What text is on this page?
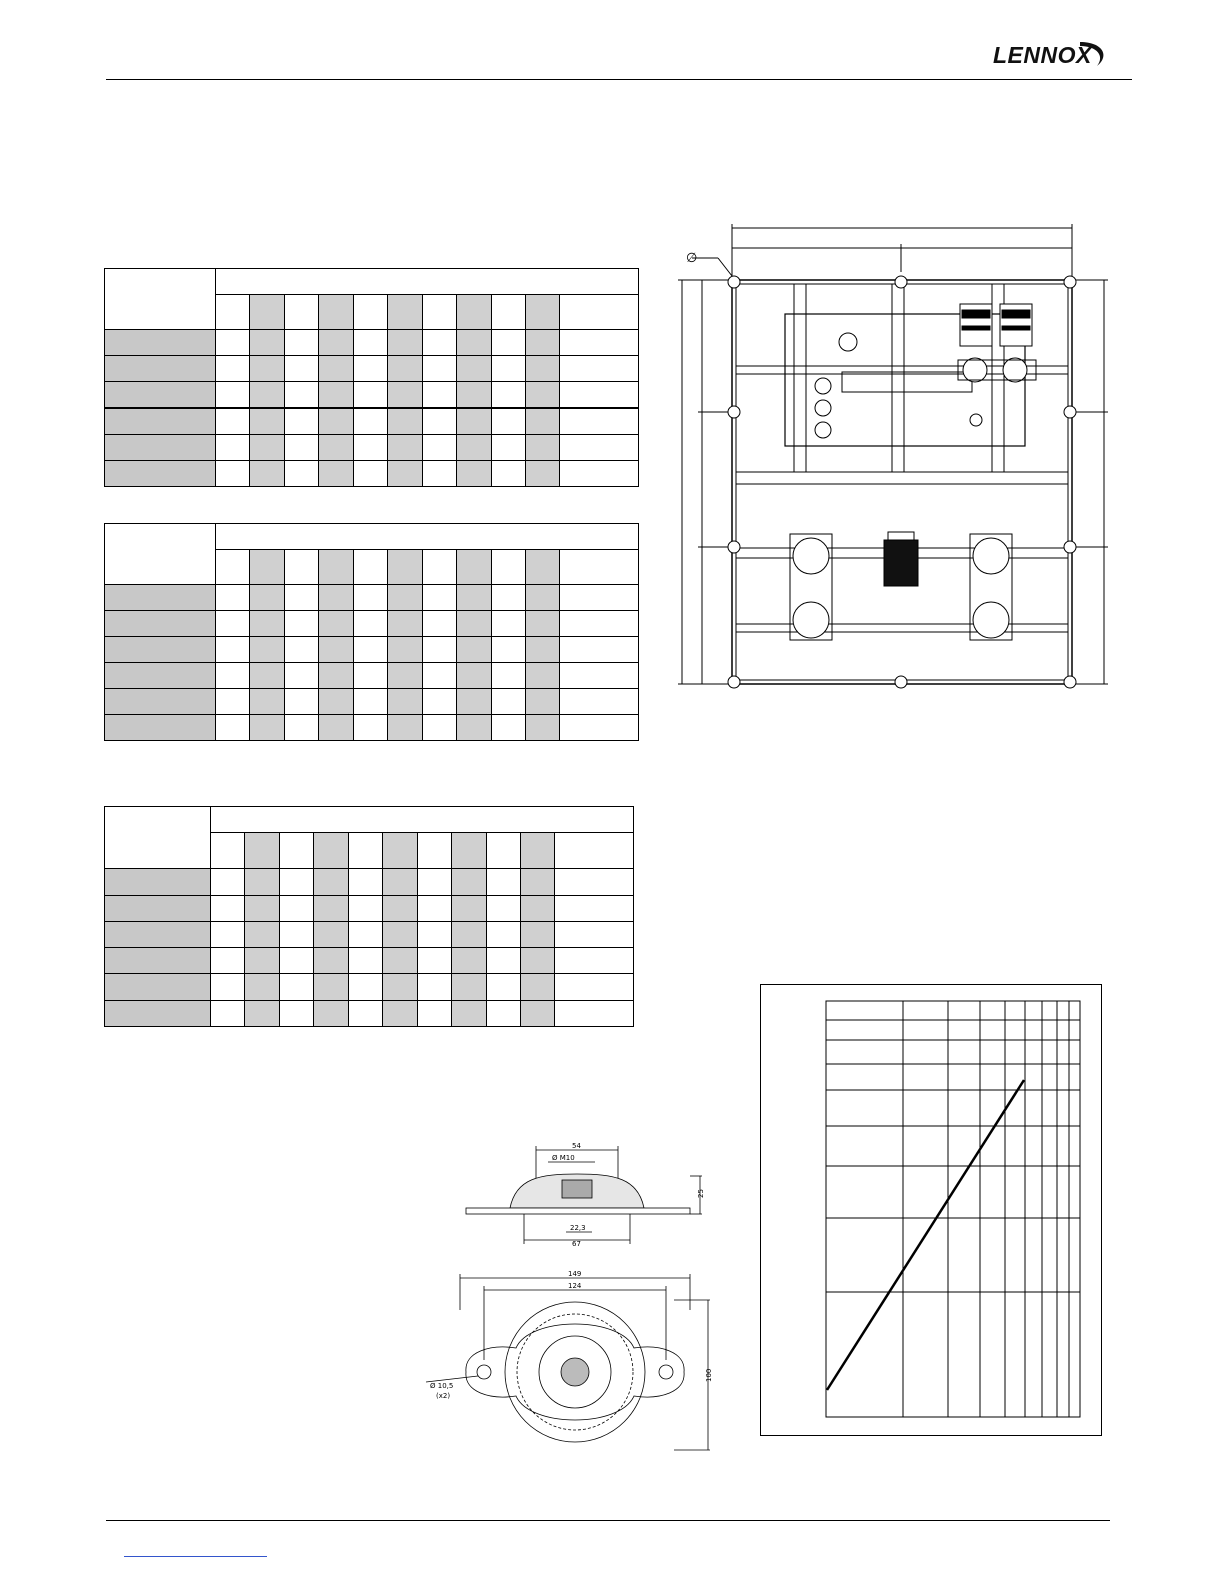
LENNOX

∅
54
Ø M10
25
22,3
67
149
124
100
Ø 10,5
(x2)
